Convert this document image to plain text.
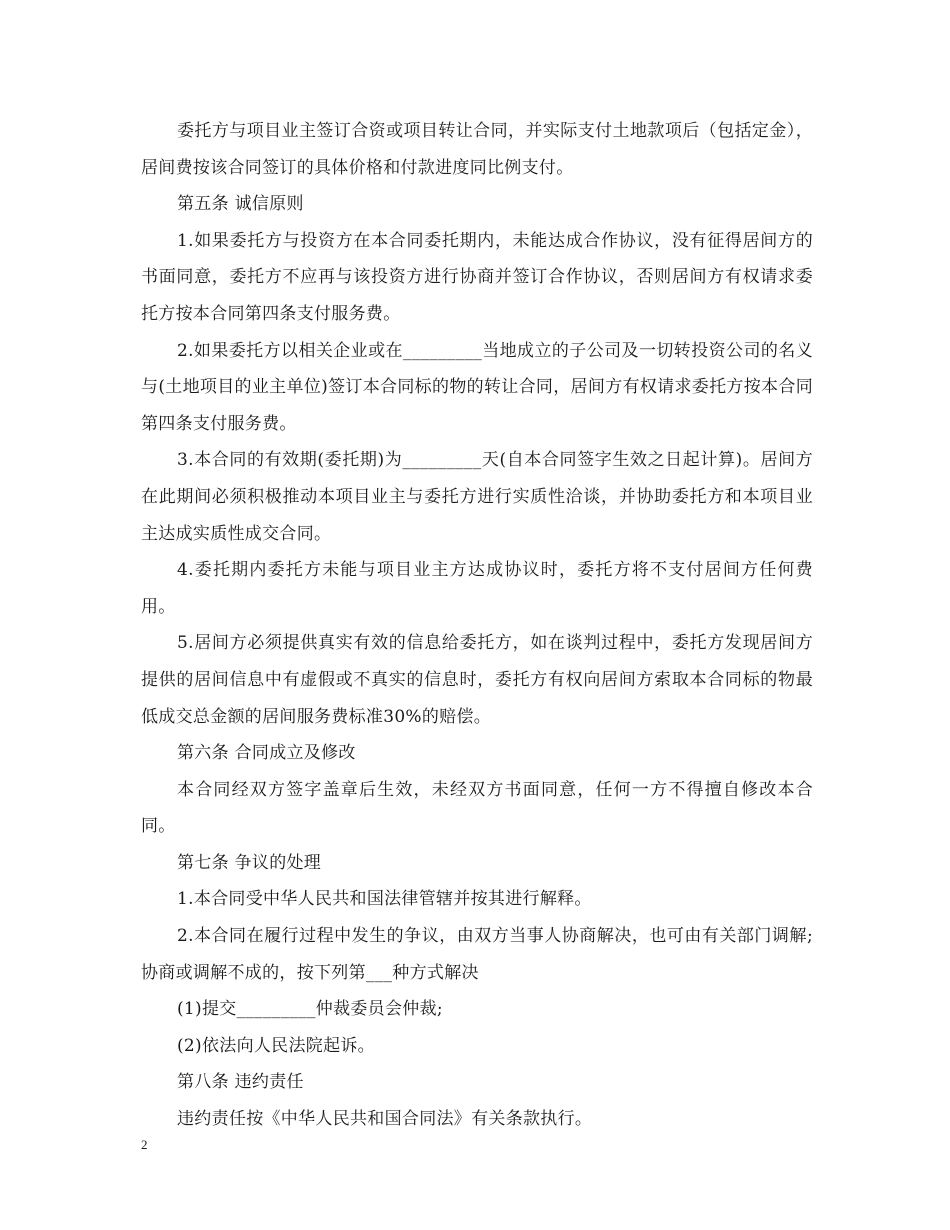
委托方与项目业主签订合资或项目转让合同，并实际支付土地款项后（包括定金），居间费按该合同签订的具体价格和付款进度同比例支付。

第五条 诚信原则

1.如果委托方与投资方在本合同委托期内，未能达成合作协议，没有征得居间方的书面同意，委托方不应再与该投资方进行协商并签订合作协议，否则居间方有权请求委托方按本合同第四条支付服务费。

2.如果委托方以相关企业或在_________当地成立的子公司及一切转投资公司的名义与(土地项目的业主单位)签订本合同标的物的转让合同，居间方有权请求委托方按本合同第四条支付服务费。

3.本合同的有效期(委托期)为_________天(自本合同签字生效之日起计算)。居间方在此期间必须积极推动本项目业主与委托方进行实质性洽谈，并协助委托方和本项目业主达成实质性成交合同。

4.委托期内委托方未能与项目业主方达成协议时，委托方将不支付居间方任何费用。

5.居间方必须提供真实有效的信息给委托方，如在谈判过程中，委托方发现居间方提供的居间信息中有虚假或不真实的信息时，委托方有权向居间方索取本合同标的物最低成交总金额的居间服务费标准30%的赔偿。

第六条 合同成立及修改

本合同经双方签字盖章后生效，未经双方书面同意，任何一方不得擅自修改本合同。

第七条 争议的处理

1.本合同受中华人民共和国法律管辖并按其进行解释。

2.本合同在履行过程中发生的争议，由双方当事人协商解决，也可由有关部门调解;协商或调解不成的，按下列第___种方式解决

(1)提交_________仲裁委员会仲裁;

(2)依法向人民法院起诉。

第八条 违约责任

违约责任按《中华人民共和国合同法》有关条款执行。

2
